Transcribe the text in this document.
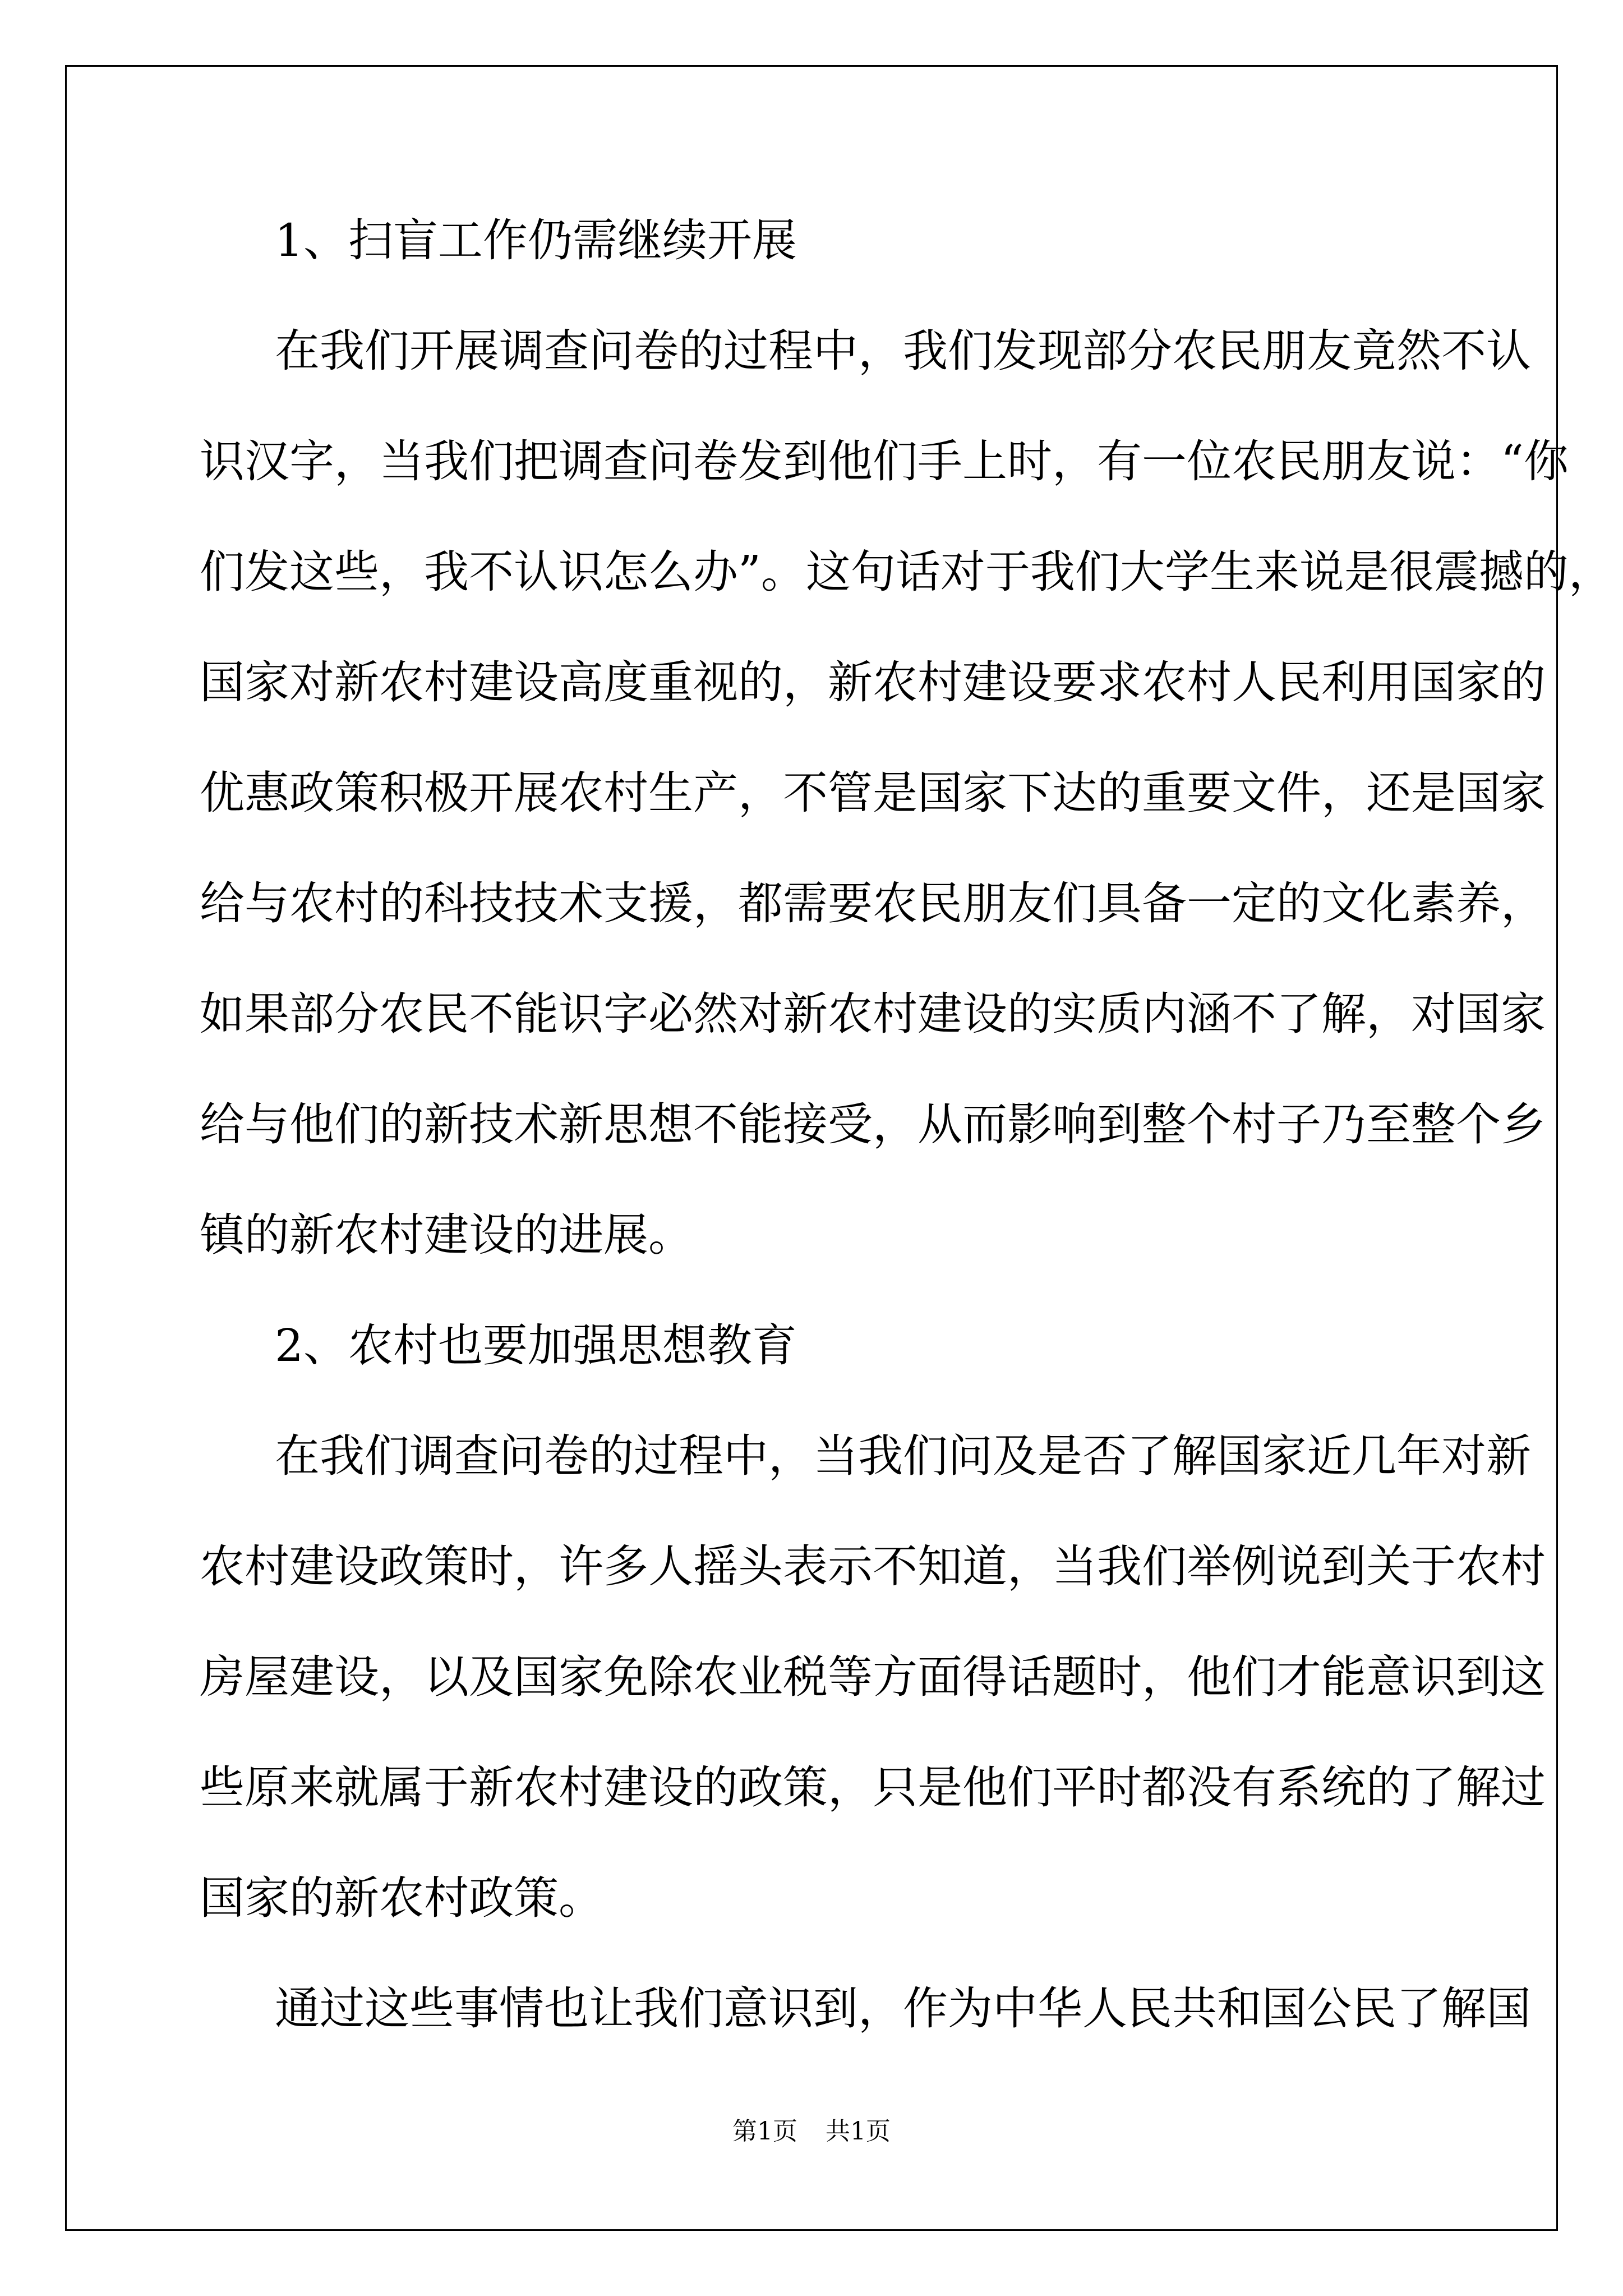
1、扫盲工作仍需继续开展
在我们开展调查问卷的过程中，我们发现部分农民朋友竟然不认
识汉字，当我们把调查问卷发到他们手上时，有一位农民朋友说：“你
们发这些，我不认识怎么办”。这句话对于我们大学生来说是很震撼的，
国家对新农村建设高度重视的，新农村建设要求农村人民利用国家的
优惠政策积极开展农村生产，不管是国家下达的重要文件，还是国家
给与农村的科技技术支援，都需要农民朋友们具备一定的文化素养，
如果部分农民不能识字必然对新农村建设的实质内涵不了解，对国家
给与他们的新技术新思想不能接受，从而影响到整个村子乃至整个乡
镇的新农村建设的进展。
2、农村也要加强思想教育
在我们调查问卷的过程中，当我们问及是否了解国家近几年对新
农村建设政策时，许多人摇头表示不知道，当我们举例说到关于农村
房屋建设，以及国家免除农业税等方面得话题时，他们才能意识到这
些原来就属于新农村建设的政策，只是他们平时都没有系统的了解过
国家的新农村政策。
通过这些事情也让我们意识到，作为中华人民共和国公民了解国
第1页 共1页
